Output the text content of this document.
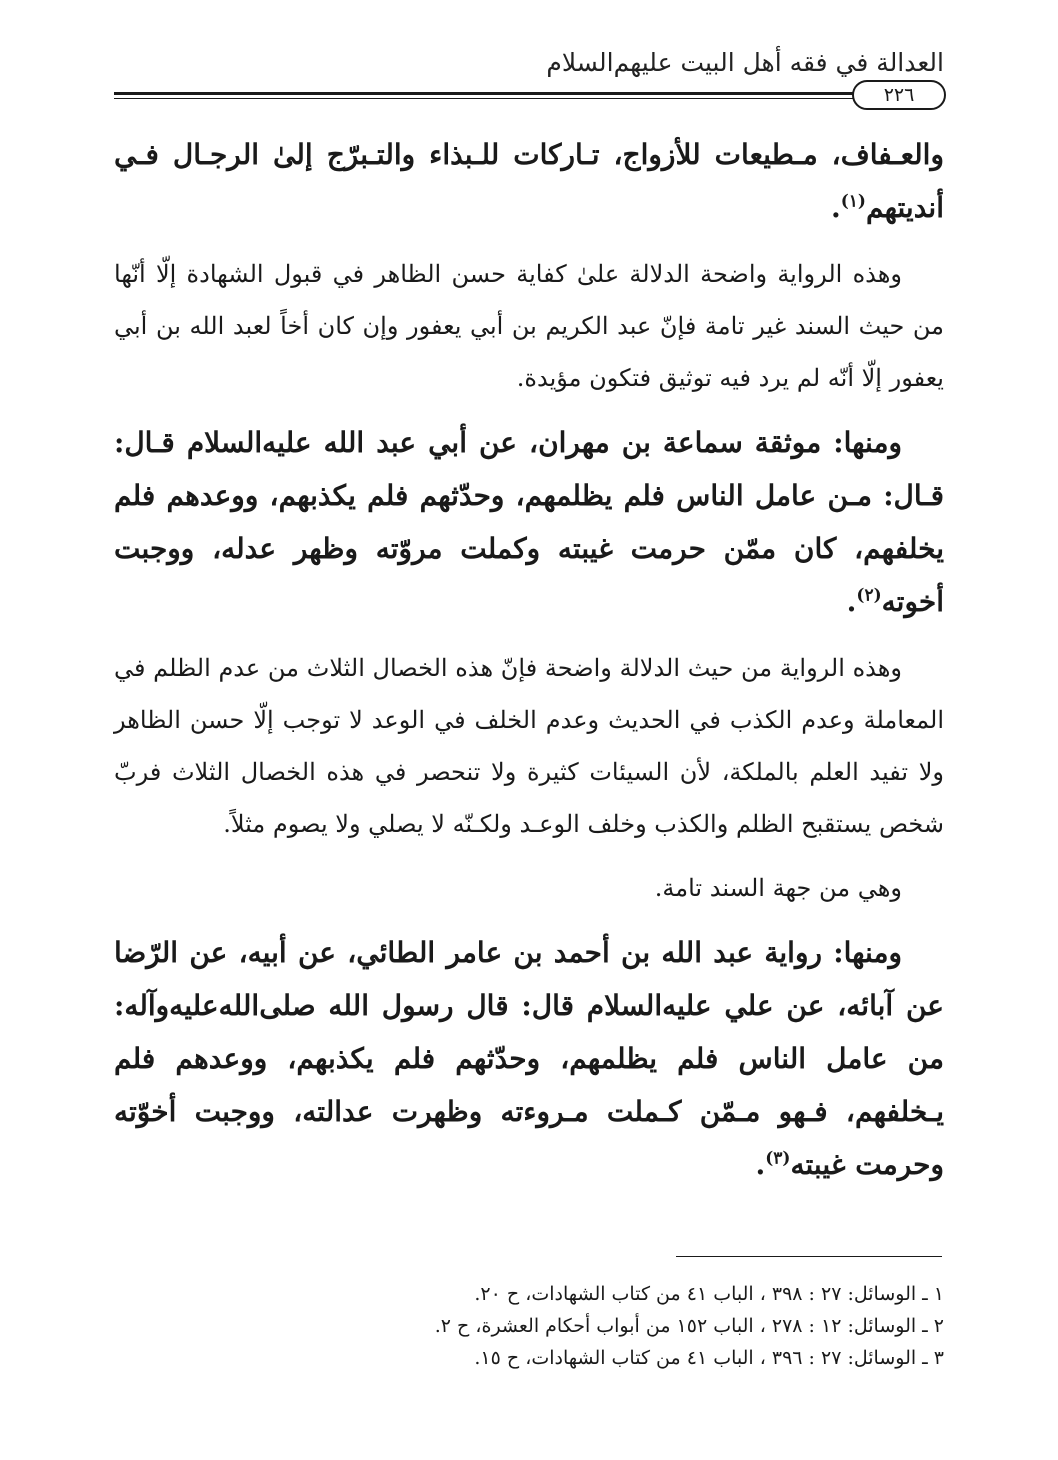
العدالة في فقه أهل البيت عليهم‌السلام
٢٢٦

والعـفاف، مـطيعات للأزواج، تـاركات للـبذاء والتـبرّج إلىٰ الرجـال فـي أنديتهم$^{(١)}$.

وهذه الرواية واضحة الدلالة علىٰ كفاية حسن الظاهر في قبول الشهادة إلّا أنّها من حيث السند غير تامة فإنّ عبد الكريم بن أبي يعفور وإن كان أخاً لعبد الله بن أبي يعفور إلّا أنّه لم يرد فيه توثيق فتكون مؤيدة.

ومنها: موثقة سماعة بن مهران، عن أبي عبد الله عليه‌السلام قـال: قـال: مـن عامل الناس فلم يظلمهم، وحدّثهم فلم يكذبهم، ووعدهم فلم يخلفهم، كان ممّن حرمت غيبته وكملت مروّته وظهر عدله، ووجبت أخوته$^{(٢)}$.

وهذه الرواية من حيث الدلالة واضحة فإنّ هذه الخصال الثلاث من عدم الظلم في المعاملة وعدم الكذب في الحديث وعدم الخلف في الوعد لا توجب إلّا حسن الظاهر ولا تفيد العلم بالملكة، لأن السيئات كثيرة ولا تنحصر في هذه الخصال الثلاث فربّ شخص يستقبح الظلم والكذب وخلف الوعـد ولكـنّه لا يصلي ولا يصوم مثلاً.

وهي من جهة السند تامة.

ومنها: رواية عبد الله بن أحمد بن عامر الطائي، عن أبيه، عن الرّضا عن آبائه، عن علي عليه‌السلام قال: قال رسول الله صلى‌الله‌عليه‌وآله: من عامل الناس فلم يظلمهم، وحدّثهم فلم يكذبهم، ووعدهم فلم يـخلفهم، فـهو مـمّن كـملت مـروءته وظهرت عدالته، ووجبت أخوّته وحرمت غيبته$^{(٣)}$.

١ ـ الوسائل: ٢٧ : ٣٩٨ ، الباب ٤١ من كتاب الشهادات، ح ٢٠.
٢ ـ الوسائل: ١٢ : ٢٧٨ ، الباب ١٥٢ من أبواب أحكام العشرة، ح ٢.
٣ ـ الوسائل: ٢٧ : ٣٩٦ ، الباب ٤١ من كتاب الشهادات، ح ١٥.
